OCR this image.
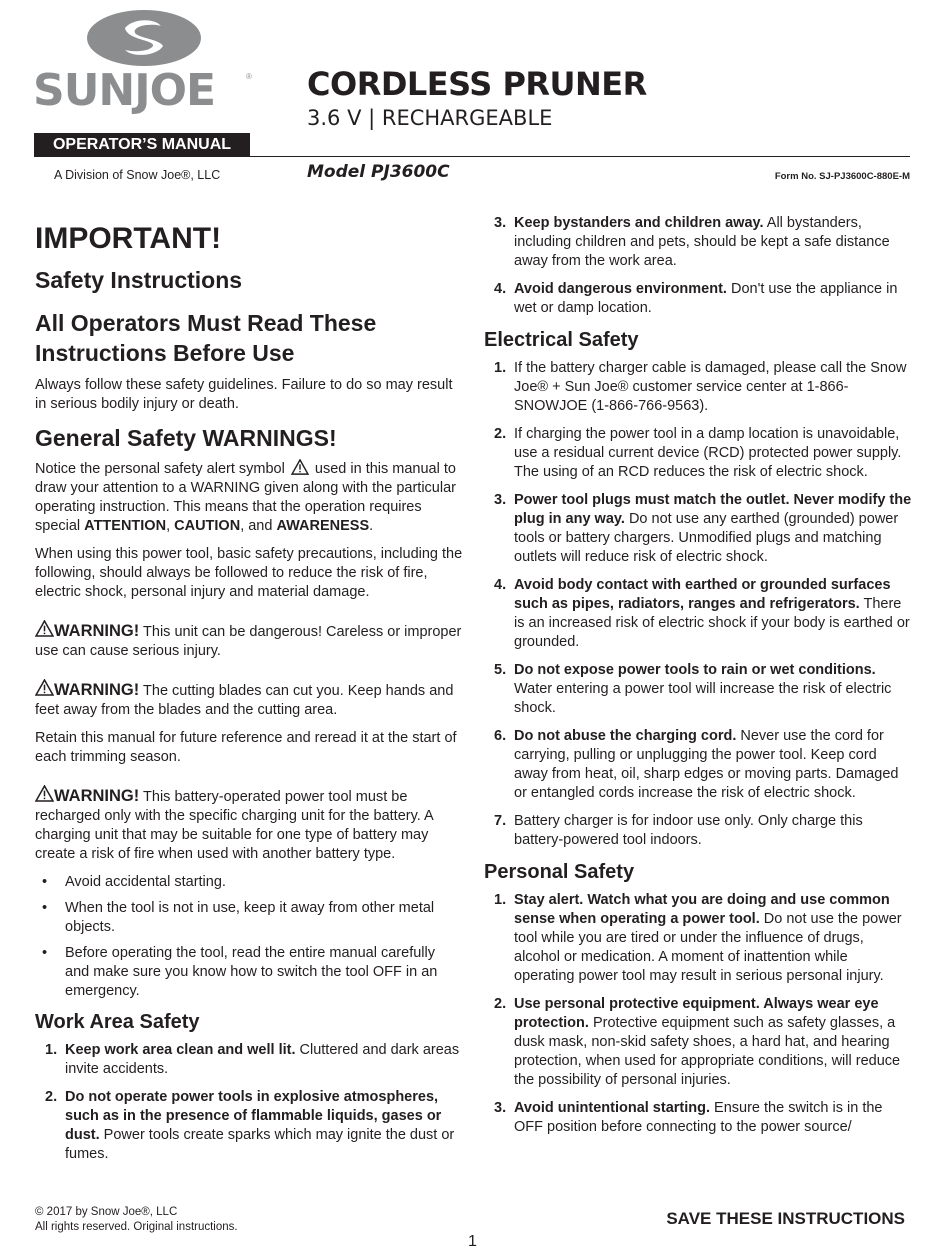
SUNJOE	®
OPERATOR’S MANUAL
A Division of Snow Joe®, LLC
CORDLESS PRUNER
3.6 V | RECHARGEABLE
Model PJ3600C	Form No. SJ-PJ3600C-880E-M
IMPORTANT!
Safety Instructions
All Operators Must Read These Instructions Before Use

Always follow these safety guidelines. Failure to do so may result in serious bodily injury or death.

General Safety WARNINGS!

Notice the personal safety alert symbol used in this manual to draw your attention to a WARNING given along with the particular operating instruction. This means that the operation requires special ATTENTION, CAUTION, and AWARENESS.

When using this power tool, basic safety precautions, including the following, should always be followed to reduce the risk of fire, electric shock, personal injury and material damage.

WARNING! This unit can be dangerous! Careless or improper use can cause serious injury.

WARNING! The cutting blades can cut you. Keep hands and feet away from the blades and the cutting area.

Retain this manual for future reference and reread it at the start of each trimming season.

WARNING! This battery-operated power tool must be recharged only with the specific charging unit for the battery. A charging unit that may be suitable for one type of battery may create a risk of fire when used with another battery type.

• Avoid accidental starting.
• When the tool is not in use, keep it away from other metal objects.
• Before operating the tool, read the entire manual carefully and make sure you know how to switch the tool OFF in an emergency.
Work Area Safety
1. Keep work area clean and well lit. Cluttered and dark areas invite accidents.
2. Do not operate power tools in explosive atmospheres, such as in the presence of flammable liquids, gases or dust. Power tools create sparks which may ignite the dust or fumes.
3. Keep bystanders and children away. All bystanders, including children and pets, should be kept a safe distance away from the work area.
4. Avoid dangerous environment. Don't use the appliance in wet or damp location.
Electrical Safety
1. If the battery charger cable is damaged, please call the Snow Joe® + Sun Joe® customer service center at 1-866-SNOWJOE (1-866-766-9563).
2. If charging the power tool in a damp location is unavoidable, use a residual current device (RCD) protected power supply. The using of an RCD reduces the risk of electric shock.
3. Power tool plugs must match the outlet. Never modify the plug in any way. Do not use any earthed (grounded) power tools or battery chargers. Unmodified plugs and matching outlets will reduce risk of electric shock.
4. Avoid body contact with earthed or grounded surfaces such as pipes, radiators, ranges and refrigerators. There is an increased risk of electric shock if your body is earthed or grounded.
5. Do not expose power tools to rain or wet conditions. Water entering a power tool will increase the risk of electric shock.
6. Do not abuse the charging cord. Never use the cord for carrying, pulling or unplugging the power tool. Keep cord away from heat, oil, sharp edges or moving parts. Damaged or entangled cords increase the risk of electric shock.
7. Battery charger is for indoor use only. Only charge this battery-powered tool indoors.
Personal Safety
1. Stay alert. Watch what you are doing and use common sense when operating a power tool. Do not use the power tool while you are tired or under the influence of drugs, alcohol or medication. A moment of inattention while operating power tool may result in serious personal injury.
2. Use personal protective equipment. Always wear eye protection. Protective equipment such as safety glasses, a dusk mask, non-skid safety shoes, a hard hat, and hearing protection, when used for appropriate conditions, will reduce the possibility of personal injuries.
3. Avoid unintentional starting. Ensure the switch is in the OFF position before connecting to the power source/
© 2017 by Snow Joe®, LLC
All rights reserved. Original instructions.	SAVE THESE INSTRUCTIONS
1
